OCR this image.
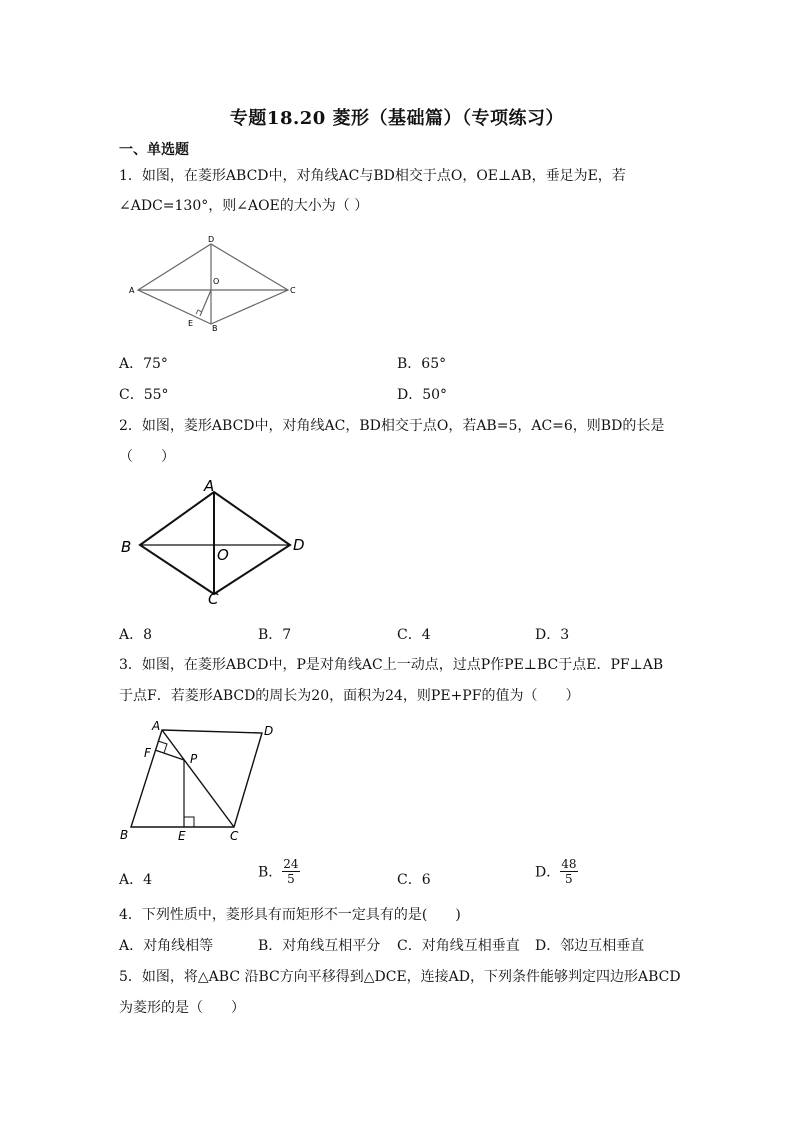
专题18.20 菱形（基础篇）（专项练习）
一、单选题
1．如图，在菱形ABCD中，对角线AC与BD相交于点O，OE⊥AB，垂足为E，若
∠ADC=130°，则∠AOE的大小为（ ）
D
A	C
O
E
B
A．75°	B．65°
C．55°	D．50°
2．如图，菱形ABCD中，对角线AC，BD相交于点O，若AB=5，AC=6，则BD的长是
（　　）
A
B	D
O
C
A．8	B．7	C．4	D．3
3．如图，在菱形ABCD中，P是对角线AC上一动点，过点P作PE⊥BC于点E．PF⊥AB
于点F．若菱形ABCD的周长为20，面积为24，则PE+PF的值为（　　）
A	D
F	P
B	E	C
A．4	B． $\frac{24}{5}$	C．6	D． $\frac{48}{5}$
4．下列性质中，菱形具有而矩形不一定具有的是(　　)
A．对角线相等	B．对角线互相平分 C．对角线互相垂直 D．邻边互相垂直
5．如图，将△ABC 沿BC方向平移得到△DCE，连接AD，下列条件能够判定四边形ABCD
为菱形的是（　　）
